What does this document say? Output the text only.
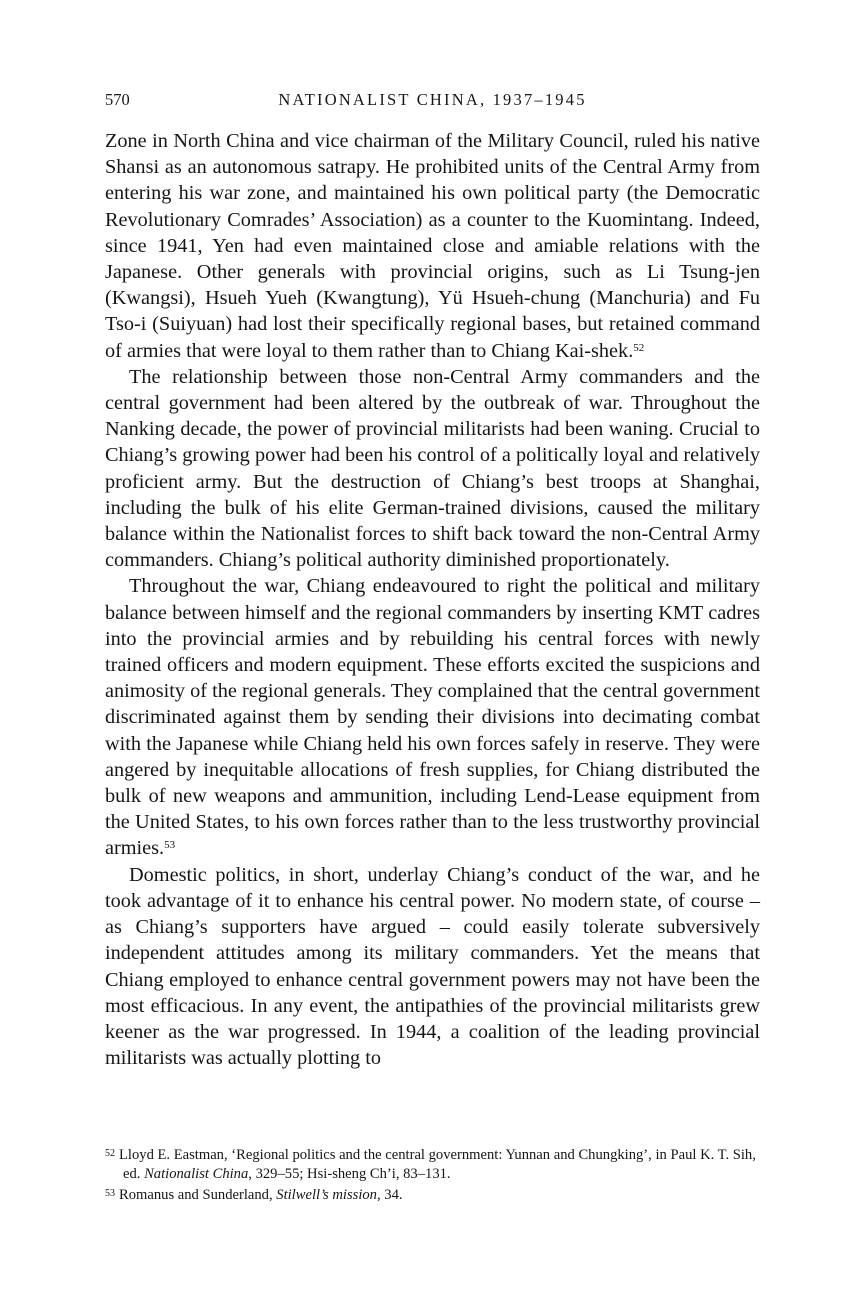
570	NATIONALIST CHINA, 1937–1945

Zone in North China and vice chairman of the Military Council, ruled his native Shansi as an autonomous satrapy. He prohibited units of the Central Army from entering his war zone, and maintained his own political party (the Democratic Revolutionary Comrades’ Association) as a counter to the Kuomintang. Indeed, since 1941, Yen had even maintained close and amiable relations with the Japanese. Other generals with provincial origins, such as Li Tsung-jen (Kwangsi), Hsueh Yueh (Kwangtung), Yü Hsueh-chung (Manchuria) and Fu Tso-i (Suiyuan) had lost their specifically regional bases, but retained command of armies that were loyal to them rather than to Chiang Kai-shek.$^{52}$

The relationship between those non-Central Army commanders and the central government had been altered by the outbreak of war. Throughout the Nanking decade, the power of provincial militarists had been waning. Crucial to Chiang’s growing power had been his control of a politically loyal and relatively proficient army. But the destruction of Chiang’s best troops at Shanghai, including the bulk of his elite German-trained divisions, caused the military balance within the Nationalist forces to shift back toward the non-Central Army commanders. Chiang’s political authority diminished proportionately.

Throughout the war, Chiang endeavoured to right the political and military balance between himself and the regional commanders by inserting KMT cadres into the provincial armies and by rebuilding his central forces with newly trained officers and modern equipment. These efforts excited the suspicions and animosity of the regional generals. They complained that the central government discriminated against them by sending their divisions into decimating combat with the Japanese while Chiang held his own forces safely in reserve. They were angered by inequitable allocations of fresh supplies, for Chiang distributed the bulk of new weapons and ammunition, including Lend-Lease equipment from the United States, to his own forces rather than to the less trustworthy provincial armies.$^{53}$

Domestic politics, in short, underlay Chiang’s conduct of the war, and he took advantage of it to enhance his central power. No modern state, of course – as Chiang’s supporters have argued – could easily tolerate subversively independent attitudes among its military commanders. Yet the means that Chiang employed to enhance central government powers may not have been the most efficacious. In any event, the antipathies of the provincial militarists grew keener as the war progressed. In 1944, a coalition of the leading provincial militarists was actually plotting to

$^{52}$ Lloyd E. Eastman, ‘Regional politics and the central government: Yunnan and Chungking’, in Paul K. T. Sih, ed. Nationalist China, 329–55; Hsi-sheng Ch’i, 83–131.
$^{53}$ Romanus and Sunderland, Stilwell’s mission, 34.
